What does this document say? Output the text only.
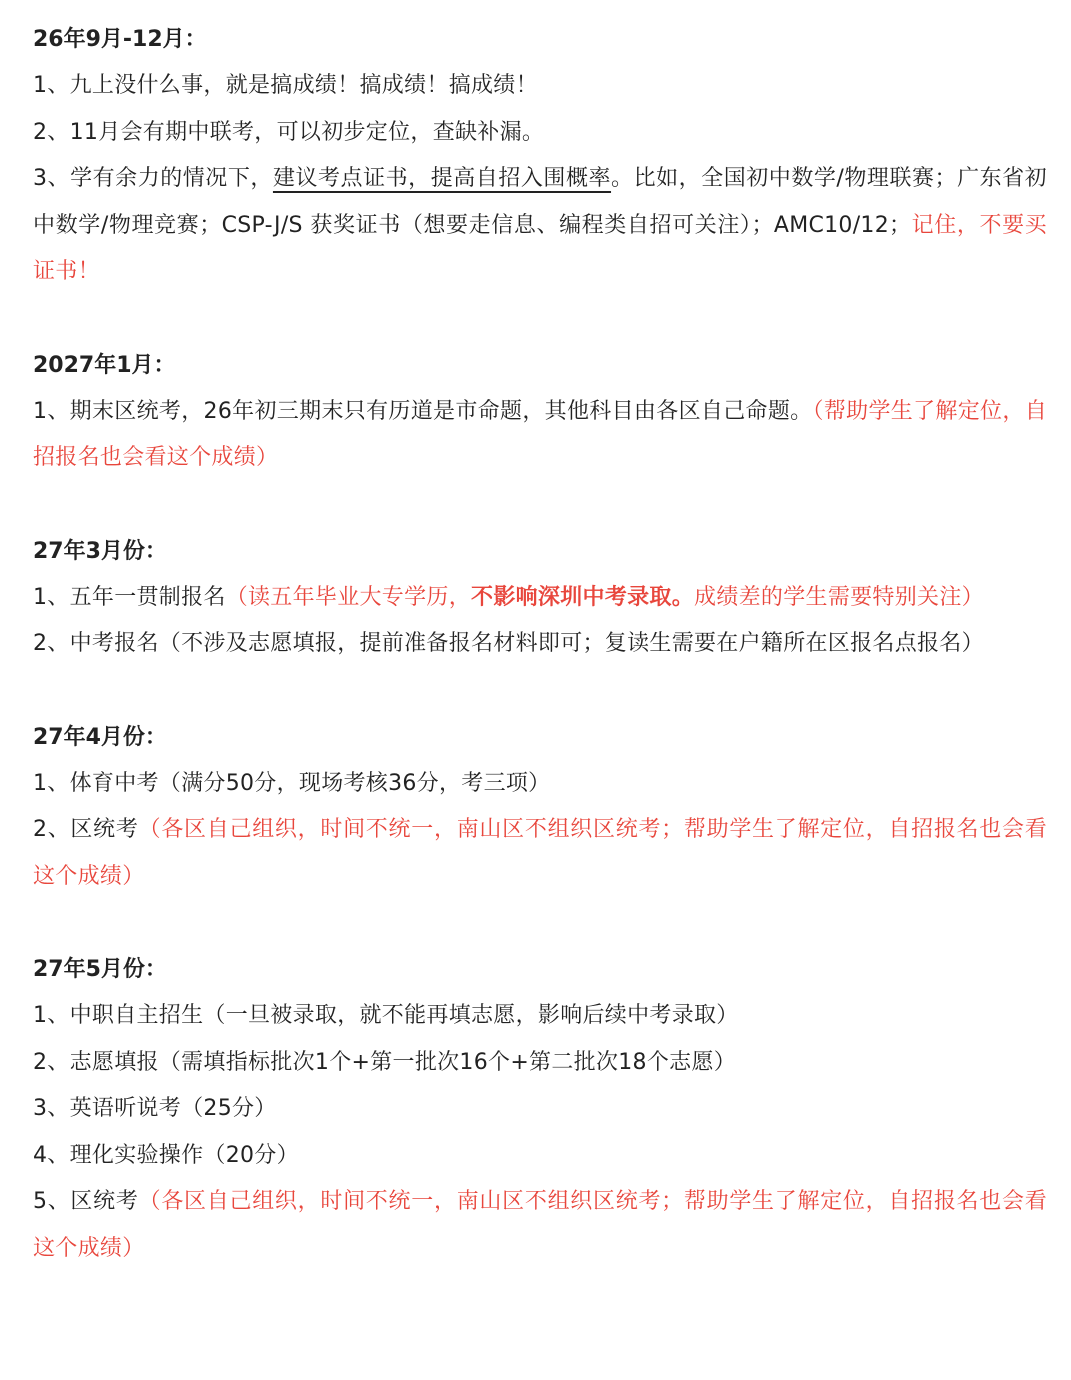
26年9月-12月：

1、九上没什么事，就是搞成绩！搞成绩！搞成绩！

2、11月会有期中联考，可以初步定位，查缺补漏。

3、学有余力的情况下，建议考点证书，提高自招入围概率。比如，全国初中数学/物理联赛；广东省初中数学/物理竞赛；CSP-J/S 获奖证书（想要走信息、编程类自招可关注）；AMC10/12；记住，不要买证书！

2027年1月：

1、期末区统考，26年初三期末只有历道是市命题，其他科目由各区自己命题。（帮助学生了解定位，自招报名也会看这个成绩）

27年3月份：

1、五年一贯制报名（读五年毕业大专学历，不影响深圳中考录取。成绩差的学生需要特别关注）

2、中考报名（不涉及志愿填报，提前准备报名材料即可；复读生需要在户籍所在区报名点报名）

27年4月份：

1、体育中考（满分50分，现场考核36分，考三项）

2、区统考（各区自己组织，时间不统一，南山区不组织区统考；帮助学生了解定位，自招报名也会看这个成绩）

27年5月份：

1、中职自主招生（一旦被录取，就不能再填志愿，影响后续中考录取）

2、志愿填报（需填指标批次1个+第一批次16个+第二批次18个志愿）

3、英语听说考（25分）

4、理化实验操作（20分）

5、区统考（各区自己组织，时间不统一，南山区不组织区统考；帮助学生了解定位，自招报名也会看这个成绩）
